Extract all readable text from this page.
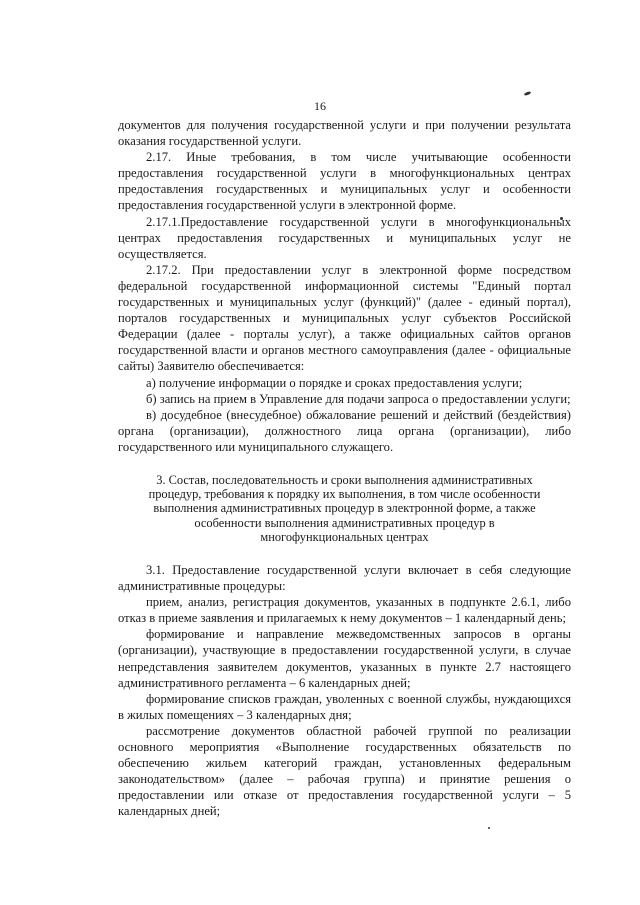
16

документов для получения государственной услуги и при получении результата оказания государственной услуги.

2.17. Иные требования, в том числе учитывающие особенности предоставления государственной услуги в многофункциональных центрах предоставления государственных и муниципальных услуг и особенности предоставления государственной услуги в электронной форме.

2.17.1.Предоставление государственной услуги в многофункциональных центрах предоставления государственных и муниципальных услуг не осуществляется.

2.17.2. При предоставлении услуг в электронной форме посредством федеральной государственной информационной системы "Единый портал государственных и муниципальных услуг (функций)" (далее - единый портал), порталов государственных и муниципальных услуг субъектов Российской Федерации (далее - порталы услуг), а также официальных сайтов органов государственной власти и органов местного самоуправления (далее - официальные сайты) Заявителю обеспечивается:

а) получение информации о порядке и сроках предоставления услуги;

б) запись на прием в Управление для подачи запроса о предоставлении услуги;

в) досудебное (внесудебное) обжалование решений и действий (бездействия) органа (организации), должностного лица органа (организации), либо государственного или муниципального служащего.

3. Состав, последовательность и сроки выполнения административных
процедур, требования к порядку их выполнения, в том числе особенности
выполнения административных процедур в электронной форме, а также
особенности выполнения административных процедур в
многофункциональных центрах

3.1. Предоставление государственной услуги включает в себя следующие административные процедуры:

прием, анализ, регистрация документов, указанных в подпункте 2.6.1, либо отказ в приеме заявления и прилагаемых к нему документов – 1 календарный день;

формирование и направление межведомственных запросов в органы (организации), участвующие в предоставлении государственной услуги, в случае непредставления заявителем документов, указанных в пункте 2.7 настоящего административного регламента – 6 календарных дней;

формирование списков граждан, уволенных с военной службы, нуждающихся в жилых помещениях – 3 календарных дня;

рассмотрение документов областной рабочей группой по реализации основного мероприятия «Выполнение государственных обязательств по обеспечению жильем категорий граждан, установленных федеральным законодательством» (далее – рабочая группа) и принятие решения о предоставлении или отказе от предоставления государственной услуги – 5 календарных дней;
